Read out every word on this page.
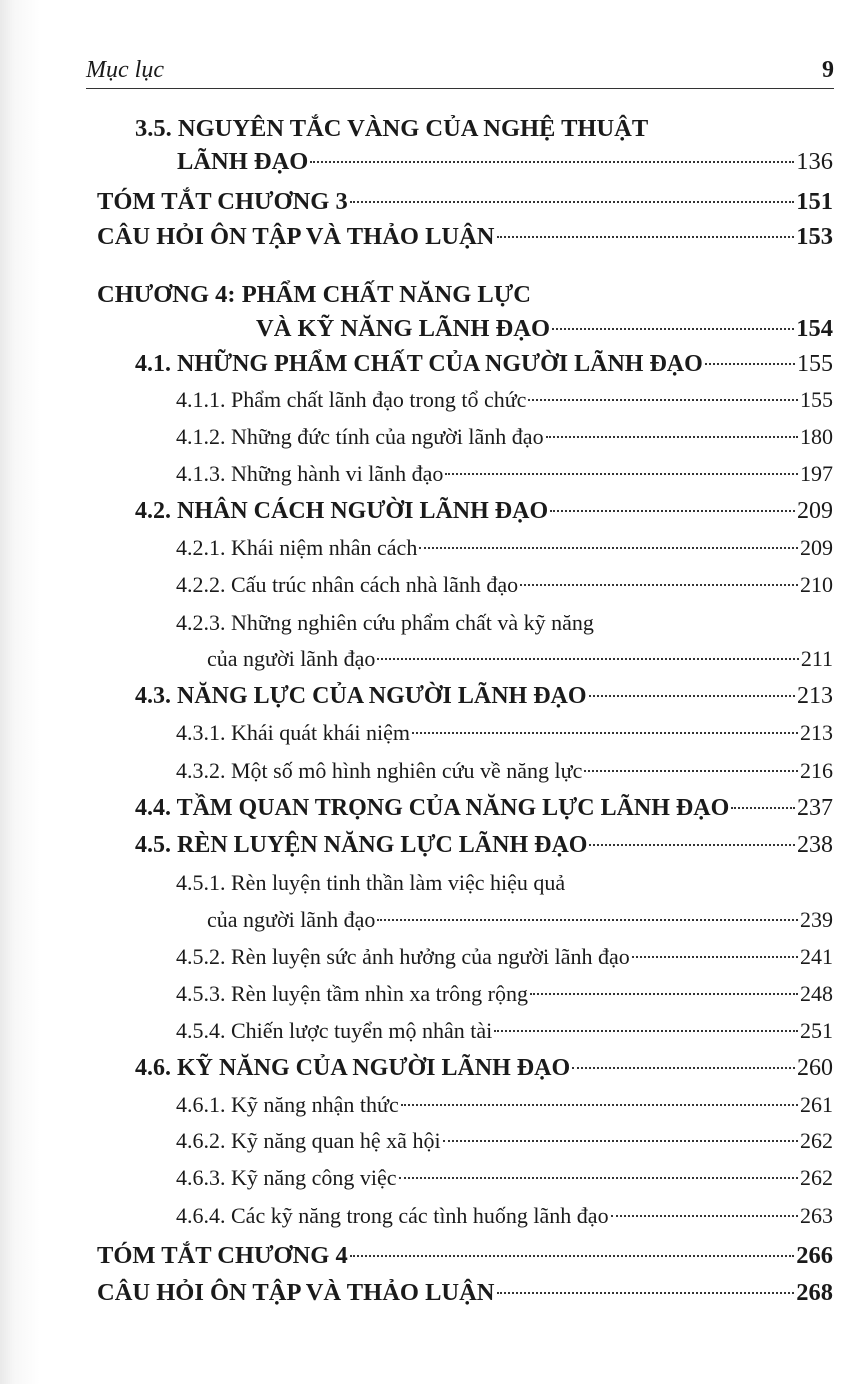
Mục lục	9
3.5. NGUYÊN TẮC VÀNG CỦA NGHỆ THUẬT
LÃNH ĐẠO	136
TÓM TẮT CHƯƠNG 3	151
CÂU HỎI ÔN TẬP VÀ THẢO LUẬN	153
CHƯƠNG 4: PHẨM CHẤT NĂNG LỰC
VÀ KỸ NĂNG LÃNH ĐẠO	154
4.1. NHỮNG PHẨM CHẤT CỦA NGƯỜI LÃNH ĐẠO	155
4.1.1. Phẩm chất lãnh đạo trong tổ chức	155
4.1.2. Những đức tính của người lãnh đạo	180
4.1.3. Những hành vi lãnh đạo	197
4.2. NHÂN CÁCH NGƯỜI LÃNH ĐẠO	209
4.2.1. Khái niệm nhân cách	209
4.2.2. Cấu trúc nhân cách nhà lãnh đạo	210
4.2.3. Những nghiên cứu phẩm chất và kỹ năng
của người lãnh đạo	211
4.3. NĂNG LỰC CỦA NGƯỜI LÃNH ĐẠO	213
4.3.1. Khái quát khái niệm	213
4.3.2. Một số mô hình nghiên cứu về năng lực	216
4.4. TẦM QUAN TRỌNG CỦA NĂNG LỰC LÃNH ĐẠO	237
4.5. RÈN LUYỆN NĂNG LỰC LÃNH ĐẠO	238
4.5.1. Rèn luyện tinh thần làm việc hiệu quả
của người lãnh đạo	239
4.5.2. Rèn luyện sức ảnh hưởng của người lãnh đạo	241
4.5.3. Rèn luyện tầm nhìn xa trông rộng	248
4.5.4. Chiến lược tuyển mộ nhân tài	251
4.6. KỸ NĂNG CỦA NGƯỜI LÃNH ĐẠO	260
4.6.1. Kỹ năng nhận thức	261
4.6.2. Kỹ năng quan hệ xã hội	262
4.6.3. Kỹ năng công việc	262
4.6.4. Các kỹ năng trong các tình huống lãnh đạo	263
TÓM TẮT CHƯƠNG 4	266
CÂU HỎI ÔN TẬP VÀ THẢO LUẬN	268
